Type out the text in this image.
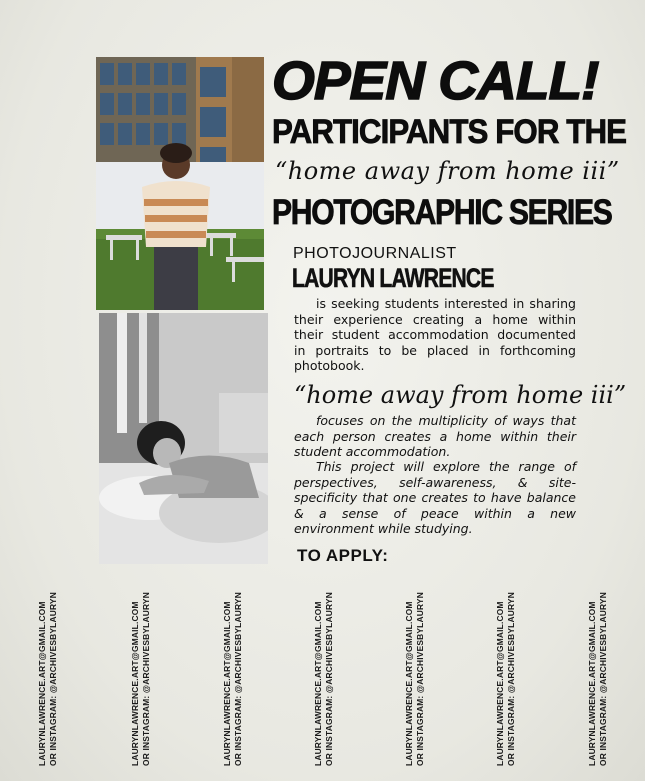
OPEN CALL!
PARTICIPANTS FOR THE
“home away from home iii”
PHOTOGRAPHIC SERIES
PHOTOJOURNALIST
LAURYN LAWRENCE
is seeking students interested in sharing their experience creating a home within their student accommodation documented in portraits to be placed in forthcoming photobook.
“home away from home iii”
focuses on the multiplicity of ways that each person creates a home within their student accommodation.
This project will explore the range of perspectives, self-awareness, & site-specificity that one creates to have balance & a sense of peace within a new environment while studying.
TO APPLY:
LAURYNLAWRENCE.ART@GMAIL.COM OR INSTAGRAM: @ARCHIVESBYLAURYN	LAURYNLAWRENCE.ART@GMAIL.COM OR INSTAGRAM: @ARCHIVESBYLAURYN	LAURYNLAWRENCE.ART@GMAIL.COM OR INSTAGRAM: @ARCHIVESBYLAURYN	LAURYNLAWRENCE.ART@GMAIL.COM OR INSTAGRAM: @ARCHIVESBYLAURYN	LAURYNLAWRENCE.ART@GMAIL.COM OR INSTAGRAM: @ARCHIVESBYLAURYN	LAURYNLAWRENCE.ART@GMAIL.COM OR INSTAGRAM: @ARCHIVESBYLAURYN	LAURYNLAWRENCE.ART@GMAIL.COM OR INSTAGRAM: @ARCHIVESBYLAURYN
